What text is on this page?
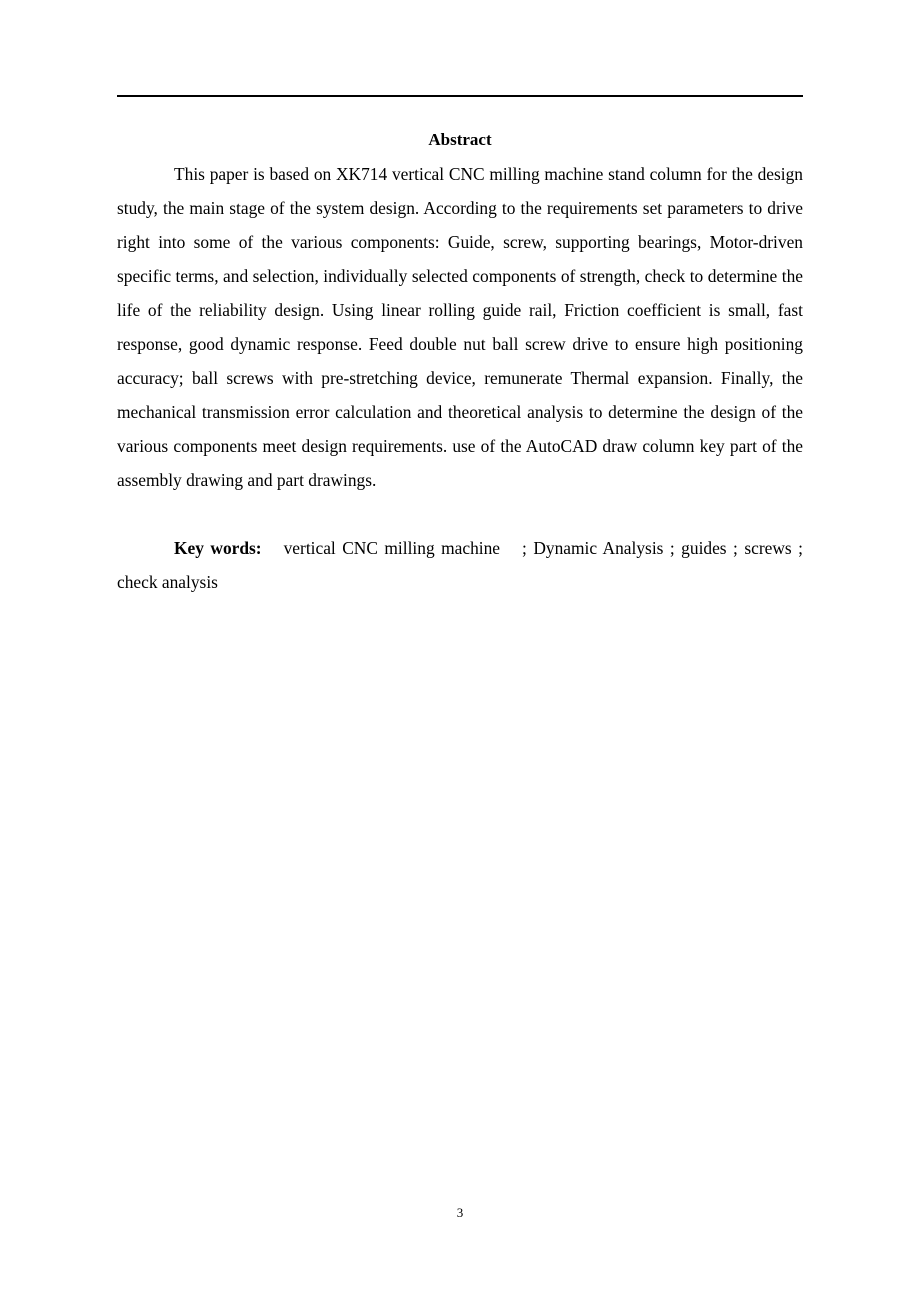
Abstract

This paper is based on XK714 vertical CNC milling machine stand column for the design study, the main stage of the system design. According to the requirements set parameters to drive right into some of the various components: Guide, screw, supporting bearings, Motor-driven specific terms, and selection, individually selected components of strength, check to determine the life of the reliability design. Using linear rolling guide rail, Friction coefficient is small, fast response, good dynamic response. Feed double nut ball screw drive to ensure high positioning accuracy; ball screws with pre-stretching device, remunerate Thermal expansion. Finally, the mechanical transmission error calculation and theoretical analysis to determine the design of the various components meet design requirements. use of the AutoCAD draw column key part of the assembly drawing and part drawings.

Key words: vertical CNC milling machine ; Dynamic Analysis ; guides ; screws ; check analysis

3
